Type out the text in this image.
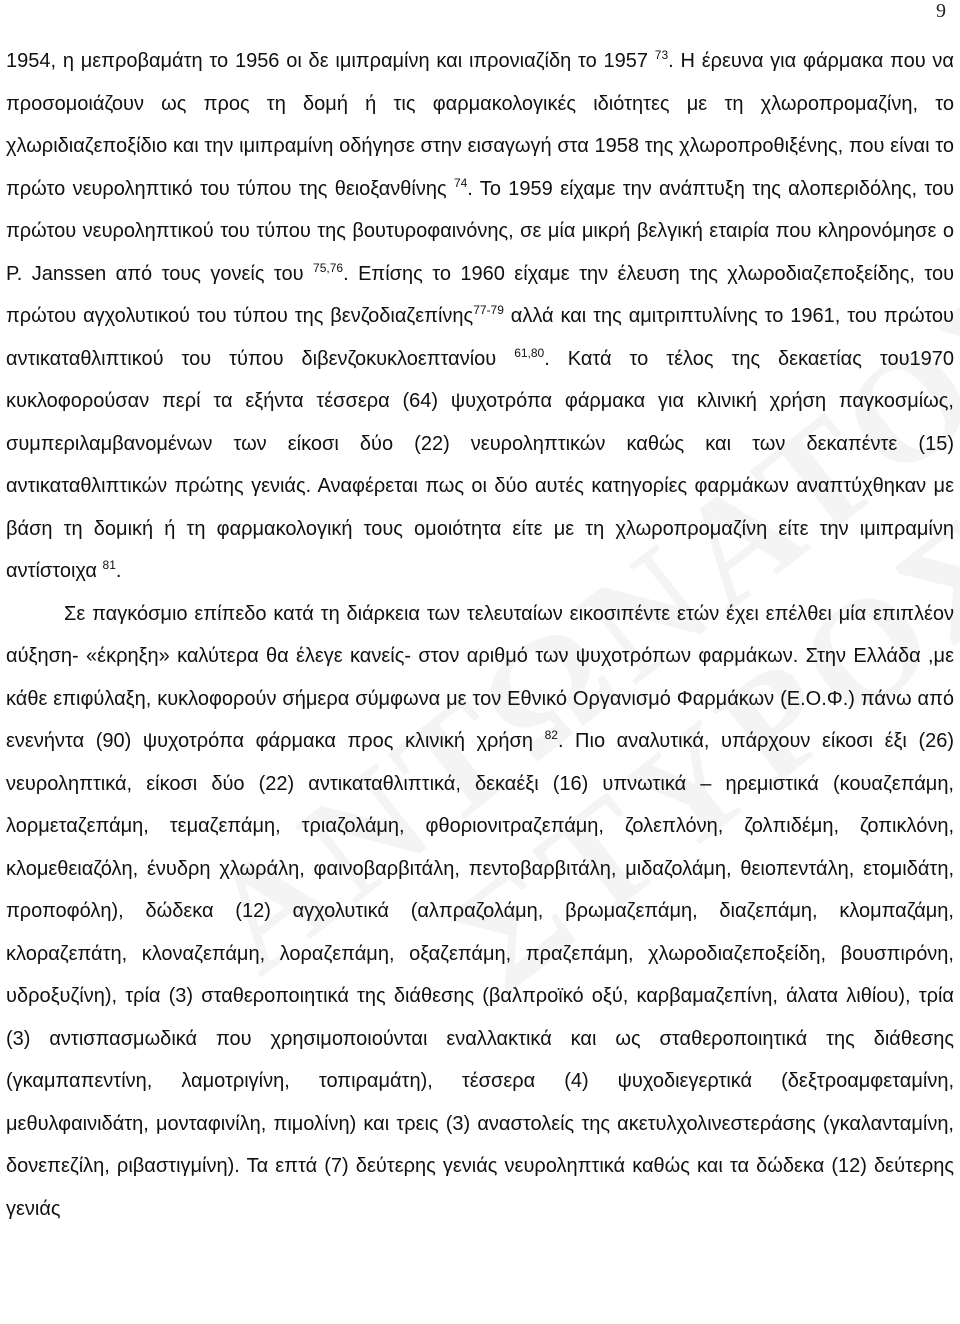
9

1954, η μεπροβαμάτη το 1956 οι δε ιμιπραμίνη και ιπρονιαζίδη το 1957 $^{73}$. Η έρευνα για φάρμακα που να προσομοιάζουν ως προς τη δομή ή τις φαρμακολογικές ιδιότητες με τη χλωροπρομαζίνη, το χλωριδιαζεποξίδιο και την ιμιπραμίνη οδήγησε στην εισαγωγή στα 1958 της χλωροπροθιξένης, που είναι το πρώτο νευροληπτικό του τύπου της θειοξανθίνης $^{74}$. Το 1959 είχαμε την ανάπτυξη της αλοπεριδόλης, του πρώτου νευροληπτικού του τύπου της βουτυροφαινόνης, σε μία μικρή βελγική εταιρία που κληρονόμησε ο P. Janssen από τους γονείς του $^{75,76}$. Επίσης το 1960 είχαμε την έλευση της χλωροδιαζεποξείδης, του πρώτου αγχολυτικού του τύπου της βενζοδιαζεπίνης$^{77-79}$ αλλά και της αμιτριπτυλίνης το 1961, του πρώτου αντικαταθλιπτικού του τύπου διβενζοκυκλοεπτανίου $^{61,80}$. Κατά το τέλος της δεκαετίας του1970 κυκλοφορούσαν περί τα εξήντα τέσσερα (64) ψυχοτρόπα φάρμακα για κλινική χρήση παγκοσμίως, συμπεριλαμβανομένων των είκοσι δύο (22) νευροληπτικών καθώς και των δεκαπέντε (15) αντικαταθλιπτικών πρώτης γενιάς. Αναφέρεται πως οι δύο αυτές κατηγορίες φαρμάκων αναπτύχθηκαν με βάση τη δομική ή τη φαρμακολογική τους ομοιότητα είτε με τη χλωροπρομαζίνη είτε την ιμιπραμίνη αντίστοιχα $^{81}$.

Σε παγκόσμιο επίπεδο κατά τη διάρκεια των τελευταίων εικοσιπέντε ετών έχει επέλθει μία επιπλέον αύξηση- «έκρηξη» καλύτερα θα έλεγε κανείς- στον αριθμό των ψυχοτρόπων φαρμάκων. Στην Ελλάδα ,με κάθε επιφύλαξη, κυκλοφορούν σήμερα σύμφωνα με τον Εθνικό Οργανισμό Φαρμάκων (Ε.Ο.Φ.) πάνω από ενενήντα (90) ψυχοτρόπα φάρμακα προς κλινική χρήση $^{82}$. Πιο αναλυτικά, υπάρχουν είκοσι έξι (26) νευροληπτικά, είκοσι δύο (22) αντικαταθλιπτικά, δεκαέξι (16) υπνωτικά – ηρεμιστικά (κουαζεπάμη, λορμεταζεπάμη, τεμαζεπάμη, τριαζολάμη, φθοριονιτραζεπάμη, ζολεπλόνη, ζολπιδέμη, ζοπικλόνη, κλομεθειαζόλη, ένυδρη χλωράλη, φαινοβαρβιτάλη, πεντοβαρβιτάλη, μιδαζολάμη, θειοπεντάλη, ετομιδάτη, προποφόλη), δώδεκα (12) αγχολυτικά (αλπραζολάμη, βρωμαζεπάμη, διαζεπάμη, κλομπαζάμη, κλοραζεπάτη, κλοναζεπάμη, λοραζεπάμη, οξαζεπάμη, πραζεπάμη, χλωροδιαζεποξείδη, βουσπιρόνη, υδροξυζίνη), τρία (3) σταθεροποιητικά της διάθεσης (βαλπροϊκό οξύ, καρβαμαζεπίνη, άλατα λιθίου), τρία (3) αντισπασμωδικά που χρησιμοποιούνται εναλλακτικά και ως σταθεροποιητικά της διάθεσης (γκαμπαπεντίνη, λαμοτριγίνη, τοπιραμάτη), τέσσερα (4) ψυχοδιεγερτικά (δεξτροαμφεταμίνη, μεθυλφαινιδάτη, μονταφινίλη, πιμολίνη) και τρεις (3) αναστολείς της ακετυλχολινεστεράσης (γκαλανταμίνη, δονεπεζίλη, ριβαστιγμίνη). Τα επτά (7) δεύτερης γενιάς νευροληπτικά καθώς και τα δώδεκα (12) δεύτερης γενιάς
